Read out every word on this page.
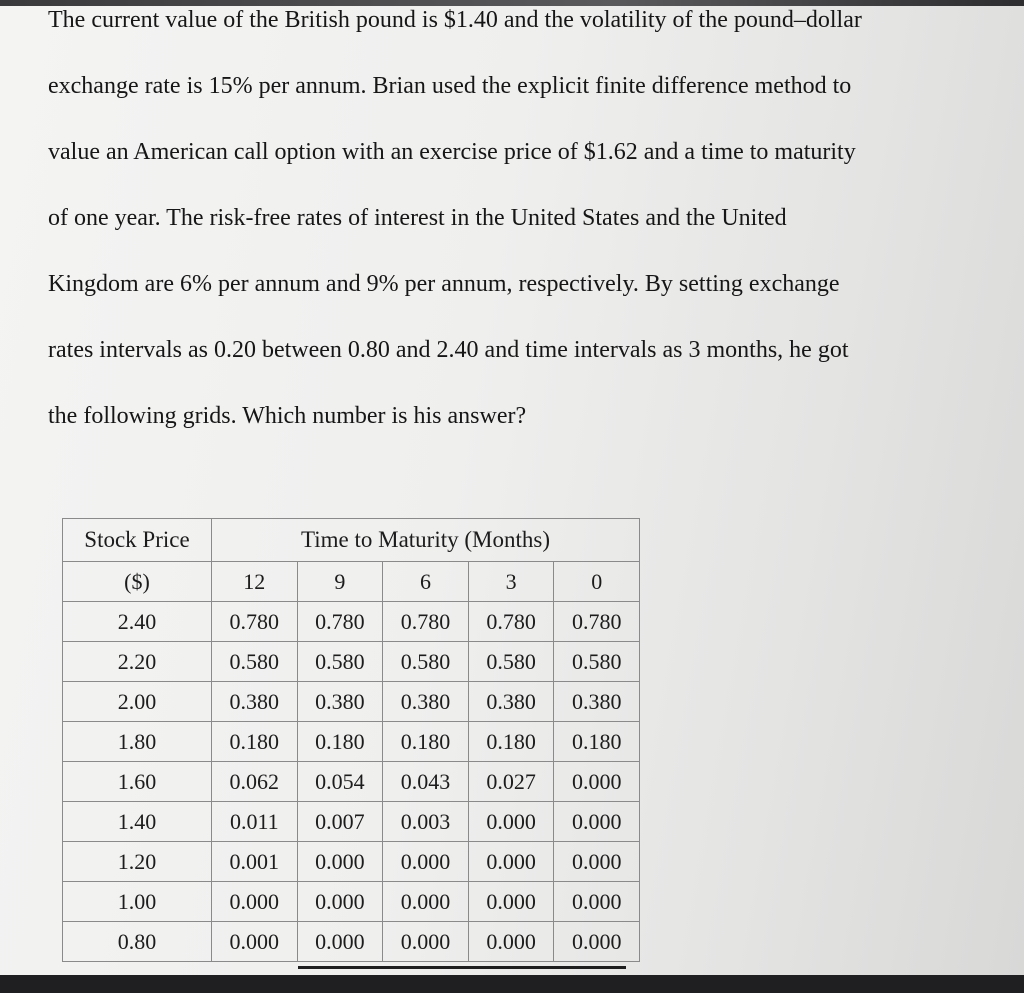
The current value of the British pound is $1.40 and the volatility of the pound–dollar
exchange rate is 15% per annum. Brian used the explicit finite difference method to
value an American call option with an exercise price of $1.62 and a time to maturity
of one year. The risk-free rates of interest in the United States and the United
Kingdom are 6% per annum and 9% per annum, respectively. By setting exchange
rates intervals as 0.20 between 0.80 and 2.40 and time intervals as 3 months, he got
the following grids. Which number is his answer?
Stock Price	Time to Maturity (Months)				
($)	12	9	6	3	0
2.40	0.780	0.780	0.780	0.780	0.780
2.20	0.580	0.580	0.580	0.580	0.580
2.00	0.380	0.380	0.380	0.380	0.380
1.80	0.180	0.180	0.180	0.180	0.180
1.60	0.062	0.054	0.043	0.027	0.000
1.40	0.011	0.007	0.003	0.000	0.000
1.20	0.001	0.000	0.000	0.000	0.000
1.00	0.000	0.000	0.000	0.000	0.000
0.80	0.000	0.000	0.000	0.000	0.000
